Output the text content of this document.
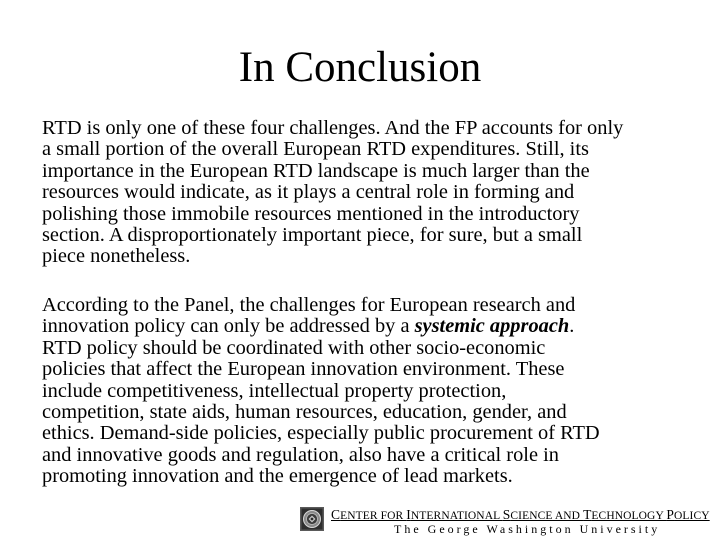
In Conclusion

RTD is only one of these four challenges. And the FP accounts for only
a small portion of the overall European RTD expenditures. Still, its
importance in the European RTD landscape is much larger than the
resources would indicate, as it plays a central role in forming and
polishing those immobile resources mentioned in the introductory
section. A disproportionately important piece, for sure, but a small
piece nonetheless.

According to the Panel, the challenges for European research and
innovation policy can only be addressed by a systemic approach.
RTD policy should be coordinated with other socio-economic
policies that affect the European innovation environment. These
include competitiveness, intellectual property protection,
competition, state aids, human resources, education, gender, and
ethics. Demand-side policies, especially public procurement of RTD
and innovative goods and regulation, also have a critical role in
promoting innovation and the emergence of lead markets.

CENTER FOR INTERNATIONAL SCIENCE AND TECHNOLOGY POLICY
The George Washington University
